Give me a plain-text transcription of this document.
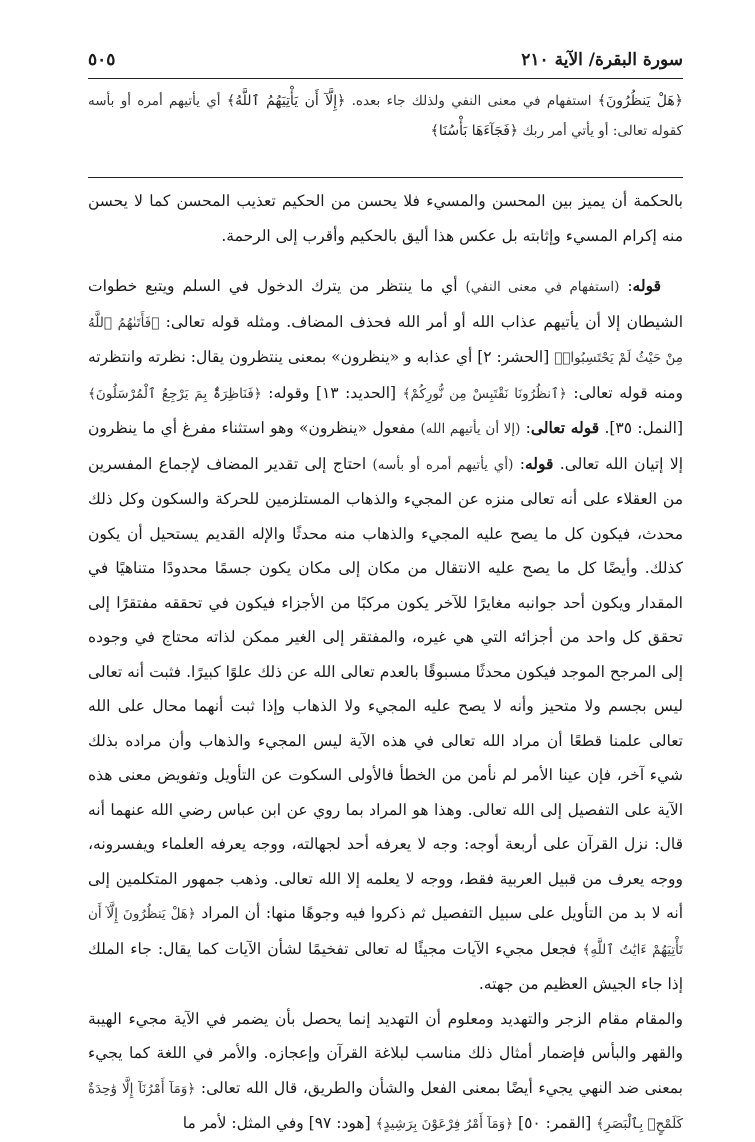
سورة البقرة/ الآية ٢١٠
٥٠٥
﴿هَلْ يَنظُرُونَ﴾ استفهام في معنى النفي ولذلك جاء بعده. ﴿إِلَّآ أَن يَأْتِيَهُمُ ٱللَّهُ﴾ أي يأتيهم أمره أو بأسه كقوله تعالى: أو يأتي أمر ربك ﴿فَجَآءَهَا بَأْسُنَا﴾

بالحكمة أن يميز بين المحسن والمسيء فلا يحسن من الحكيم تعذيب المحسن كما لا يحسن منه إكرام المسيء وإثابته بل عكس هذا أليق بالحكيم وأقرب إلى الرحمة.

قوله: (استفهام في معنى النفي) أي ما ينتظر من يترك الدخول في السلم ويتبع خطوات الشيطان إلا أن يأتيهم عذاب الله أو أمر الله فحذف المضاف. ومثله قوله تعالى: ﴿فَأَتَىٰهُمُ ٱللَّهُ مِنْ حَيْثُ لَمْ يَحْتَسِبُوا۟﴾ [الحشر: ٢] أي عذابه و «ينظرون» بمعنى ينتظرون يقال: نظرته وانتظرته ومنه قوله تعالى: ﴿ٱنظُرُونَا نَقْتَبِسْ مِن نُّورِكُمْ﴾ [الحديد: ١٣] وقوله: ﴿فَنَاظِرَةٌۢ بِمَ يَرْجِعُ ٱلْمُرْسَلُونَ﴾ [النمل: ٣٥]. قوله تعالى: (إلا أن يأتيهم الله) مفعول «ينظرون» وهو استثناء مفرغ أي ما ينظرون إلا إتيان الله تعالى. قوله: (أي يأتيهم أمره أو بأسه) احتاج إلى تقدير المضاف لإجماع المفسرين من العقلاء على أنه تعالى منزه عن المجيء والذهاب المستلزمين للحركة والسكون وكل ذلك محدث، فيكون كل ما يصح عليه المجيء والذهاب منه محدثًا والإله القديم يستحيل أن يكون كذلك. وأيضًا كل ما يصح عليه الانتقال من مكان إلى مكان يكون جسمًا محدودًا متناهيًا في المقدار ويكون أحد جوانبه مغايرًا للآخر يكون مركبًا من الأجزاء فيكون في تحققه مفتقرًا إلى تحقق كل واحد من أجزائه التي هي غيره، والمفتقر إلى الغير ممكن لذاته محتاج في وجوده إلى المرجح الموجد فيكون محدثًا مسبوقًا بالعدم تعالى الله عن ذلك علوًا كبيرًا. فثبت أنه تعالى ليس بجسم ولا متحيز وأنه لا يصح عليه المجيء ولا الذهاب وإذا ثبت أنهما محال على الله تعالى علمنا قطعًا أن مراد الله تعالى في هذه الآية ليس المجيء والذهاب وأن مراده بذلك شيء آخر، فإن عينا الأمر لم نأمن من الخطأ فالأولى السكوت عن التأويل وتفويض معنى هذه الآية على التفصيل إلى الله تعالى. وهذا هو المراد بما روي عن ابن عباس رضي الله عنهما أنه قال: نزل القرآن على أربعة أوجه: وجه لا يعرفه أحد لجهالته، ووجه يعرفه العلماء ويفسرونه، ووجه يعرف من قبيل العربية فقط، ووجه لا يعلمه إلا الله تعالى. وذهب جمهور المتكلمين إلى أنه لا بد من التأويل على سبيل التفصيل ثم ذكروا فيه وجوهًا منها: أن المراد ﴿هَلْ يَنظُرُونَ إِلَّآ أَن تَأْتِيَهُمْ ءَايَٰتُ ٱللَّهِ﴾ فجعل مجيء الآيات مجيئًا له تعالى تفخيمًا لشأن الآيات كما يقال: جاء الملك إذا جاء الجيش العظيم من جهته.

والمقام مقام الزجر والتهديد ومعلوم أن التهديد إنما يحصل بأن يضمر في الآية مجيء الهيبة والقهر والبأس فإضمار أمثال ذلك مناسب لبلاغة القرآن وإعجازه. والأمر في اللغة كما يجيء بمعنى ضد النهي يجيء أيضًا بمعنى الفعل والشأن والطريق، قال الله تعالى: ﴿وَمَآ أَمْرُنَآ إِلَّا وَٰحِدَةٌ كَلَمْحٍۭ بِٱلْبَصَرِ﴾ [القمر: ٥٠] ﴿وَمَآ أَمْرُ فِرْعَوْنَ بِرَشِيدٍ﴾ [هود: ٩٧] وفي المثل: لأمر ما
